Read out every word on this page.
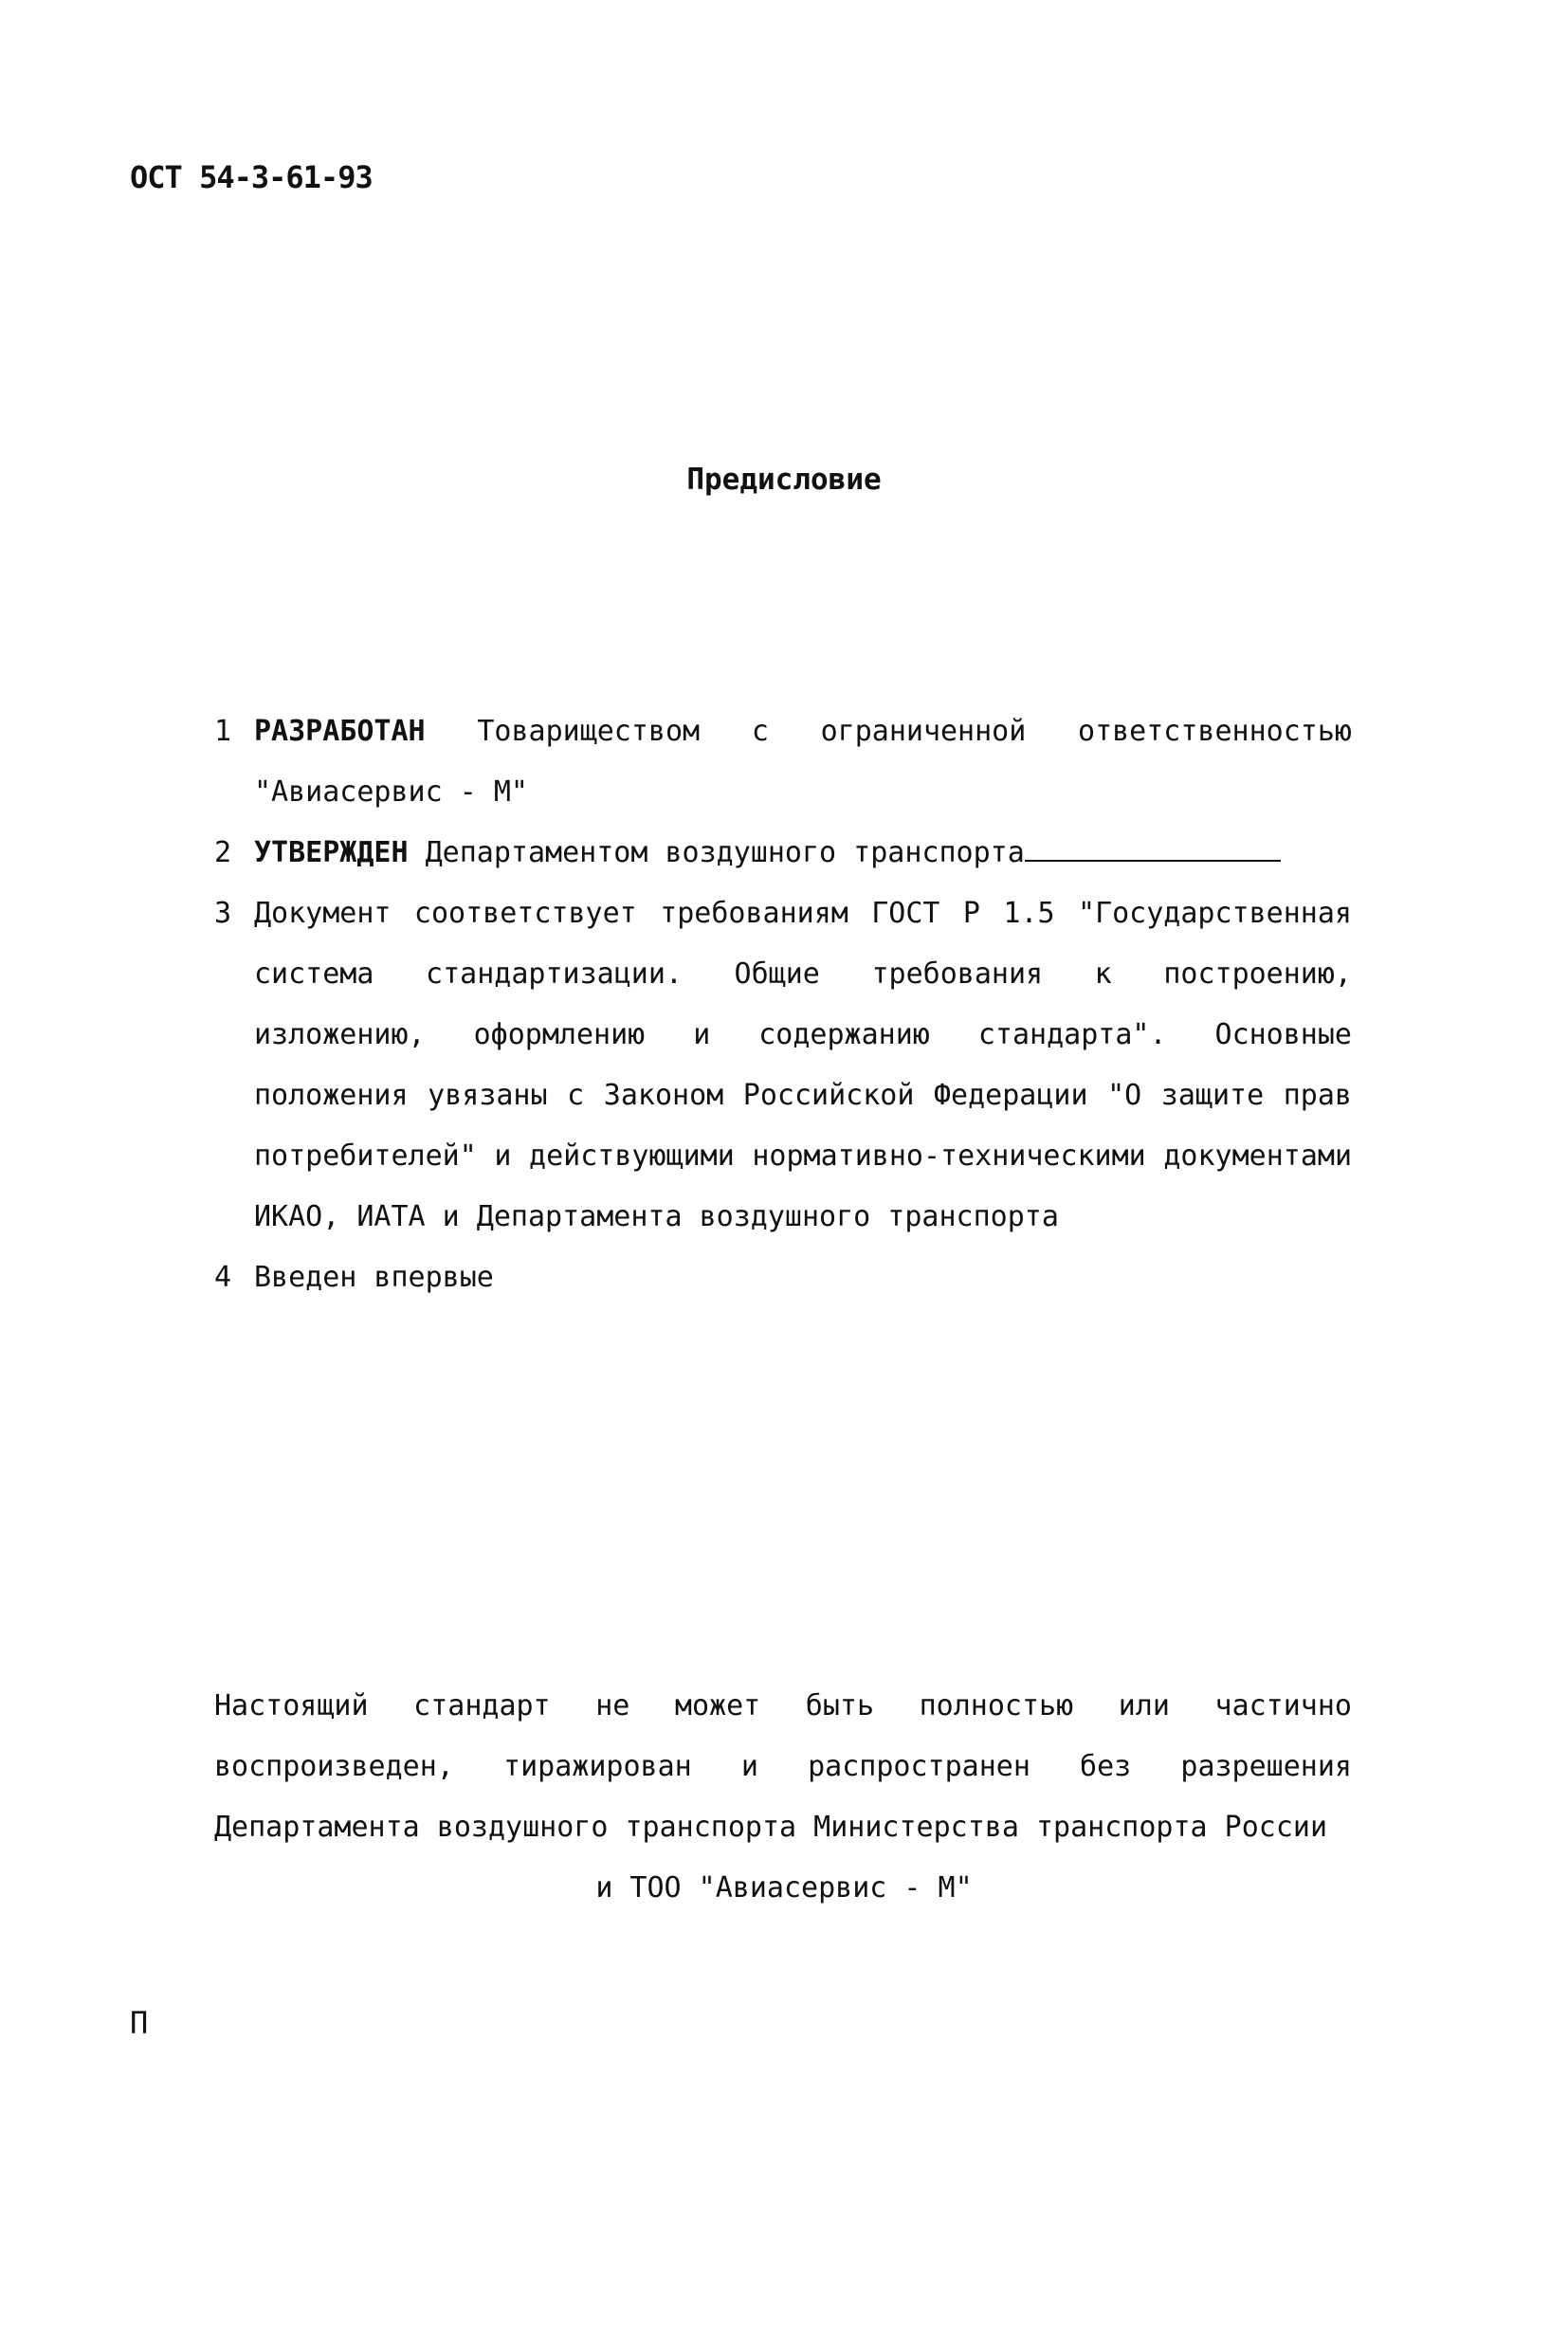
ОСТ 54-3-61-93
Предисловие
1 РАЗРАБОТАН Товариществом с ограниченной ответственностью "Авиасервис - М"
2 УТВЕРЖДЕН Департаментом воздушного транспорта
3 Документ соответствует требованиям ГОСТ Р 1.5 "Государственная система стандартизации. Общие требования к построению, изложению, оформлению и содержанию стандарта". Основные положения увязаны с Законом Российской Федерации "О защите прав потребителей" и действующими нормативно-техническими документами ИКАО, ИАТА и Департамента воздушного транспорта
4 Введен впервые
Настоящий стандарт не может быть полностью или частично воспроизведен, тиражирован и распространен без разрешения Департамента воздушного транспорта Министерства транспорта России
и ТОО "Авиасервис - М"
П
